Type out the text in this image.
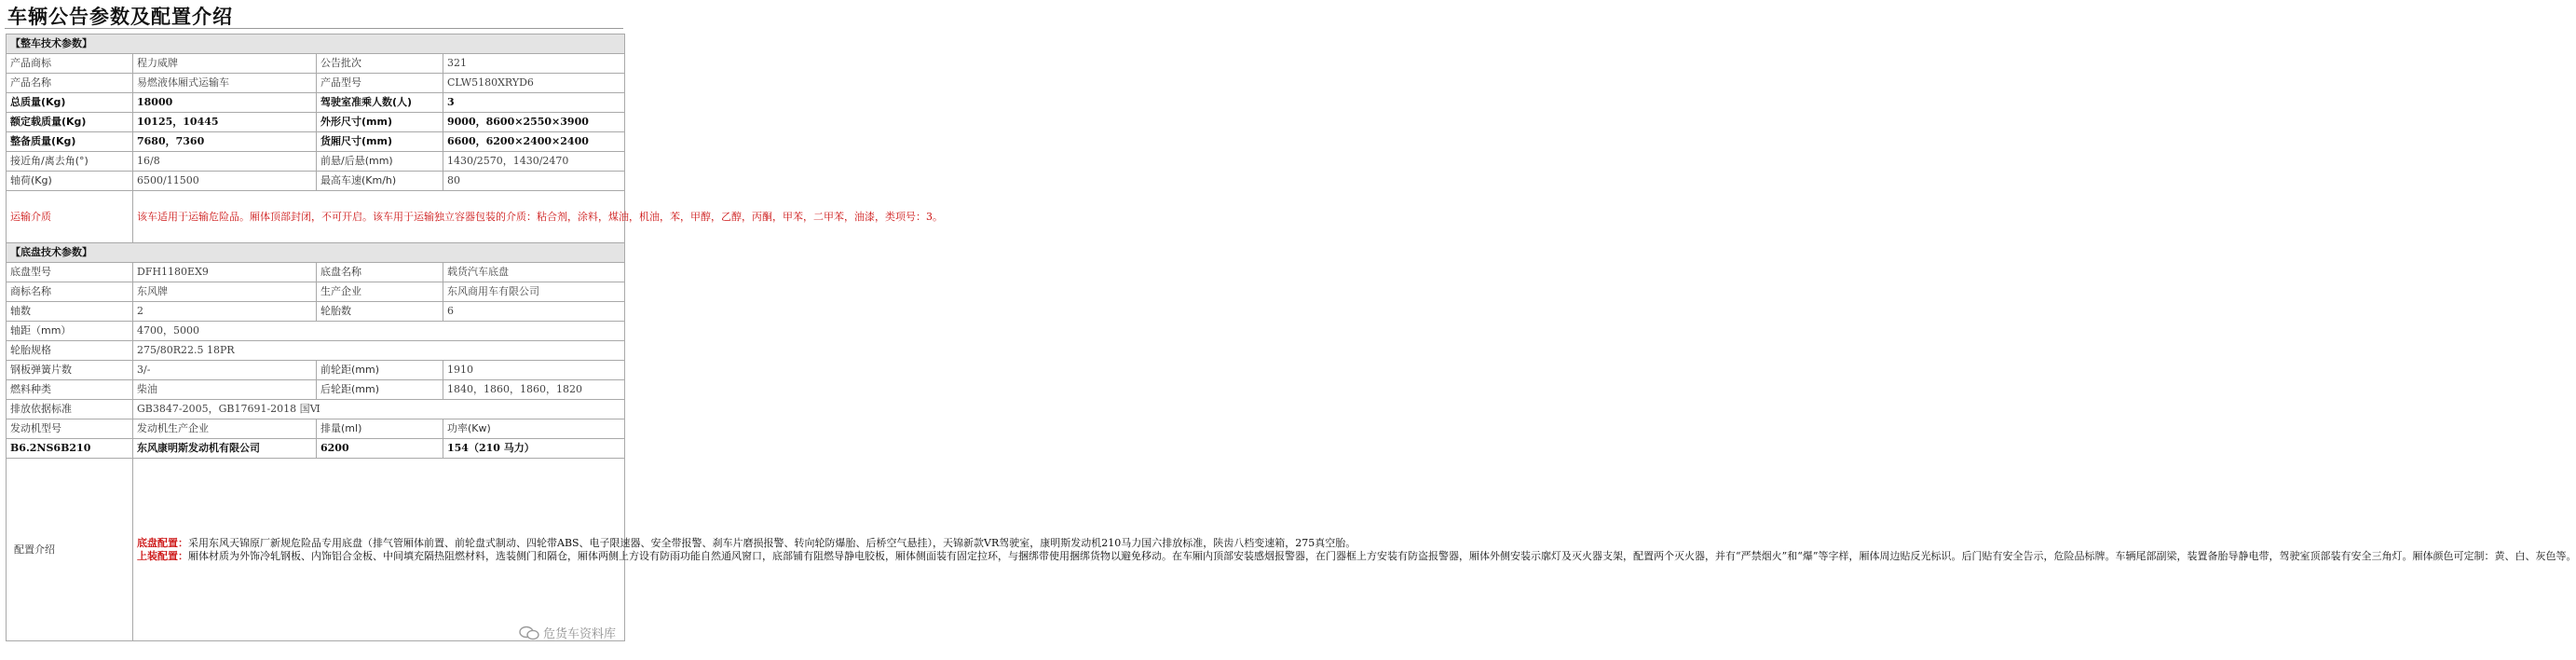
车辆公告参数及配置介绍
【整车技术参数】			
产品商标	程力威牌	公告批次	321
产品名称	易燃液体厢式运输车	产品型号	CLW5180XRYD6
总质量(Kg)	18000	驾驶室准乘人数(人)	3
额定载质量(Kg)	10125，10445	外形尺寸(mm)	9000，8600×2550×3900
整备质量(Kg)	7680，7360	货厢尺寸(mm)	6600，6200×2400×2400
接近角/离去角(°)	16/8	前悬/后悬(mm)	1430/2570，1430/2470
轴荷(Kg)	6500/11500	最高车速(Km/h)	80
运输介质	该车适用于运输危险品。厢体顶部封闭，不可开启。该车用于运输独立容器包装的介质：粘合剂，涂料，煤油，机油，苯，甲醇，乙醇，丙酮，甲苯，二甲苯，油漆，类项号：3。		
【底盘技术参数】			
底盘型号	DFH1180EX9	底盘名称	载货汽车底盘
商标名称	东风牌	生产企业	东风商用车有限公司
轴数	2	轮胎数	6
轴距（mm）	4700，5000		
轮胎规格	275/80R22.5 18PR		
钢板弹簧片数	3/-	前轮距(mm)	1910
燃料种类	柴油	后轮距(mm)	1840，1860，1860，1820
排放依据标准	GB3847-2005，GB17691-2018 国Ⅵ		
发动机型号	发动机生产企业	排量(ml)	功率(Kw)
B6.2NS6B210	东风康明斯发动机有限公司	6200	154（210 马力）
配置介绍	底盘配置：采用东风天锦原厂新规危险品专用底盘（排气管厢体前置、前轮盘式制动、四轮带ABS、电子限速器、安全带报警、刹车片磨损报警、转向轮防爆胎、后桥空气悬挂），天锦新款VR驾驶室，康明斯发动机210马力国六排放标准，陕齿八档变速箱，275真空胎。
上装配置：厢体材质为外饰冷轧钢板、内饰铝合金板、中间填充隔热阻燃材料，选装侧门和隔仓，厢体两侧上方设有防雨功能自然通风窗口，底部铺有阻燃导静电胶板，厢体侧面装有固定拉环，与捆绑带使用捆绑货物以避免移动。在车厢内顶部安装感烟报警器，在门器框上方安装有防盗报警器，厢体外侧安装示廓灯及灭火器支架，配置两个灭火器，并有“严禁烟火”和“爆”等字样，厢体周边贴反光标识。后门贴有安全告示，危险品标牌。车辆尾部副梁，装置备胎导静电带，驾驶室顶部装有安全三角灯。厢体颜色可定制：黄、白、灰色等。		
危货车资料库
